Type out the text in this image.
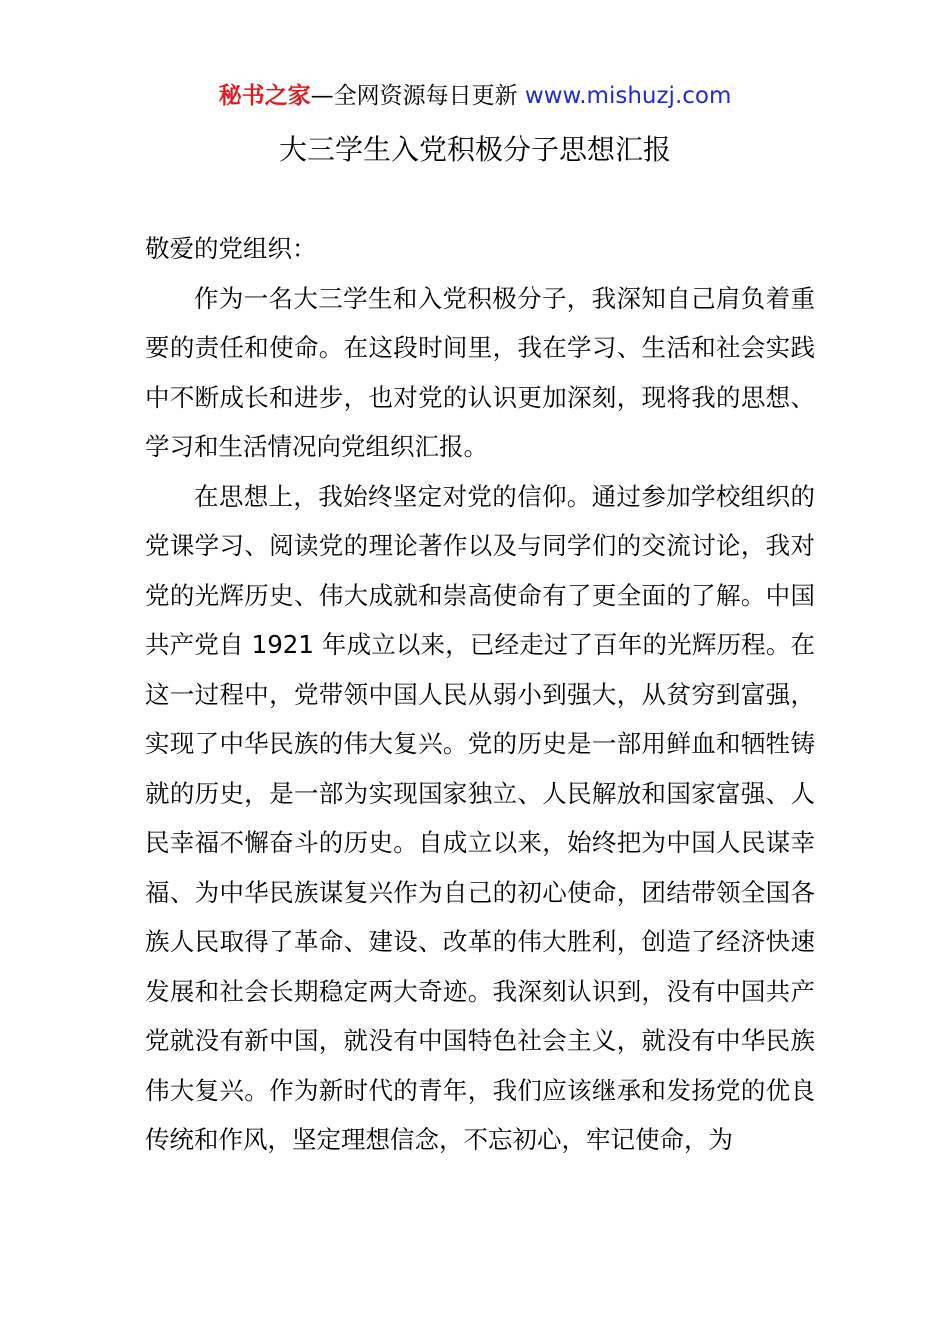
秘书之家—全网资源每日更新 www.mishuzj.com
大三学生入党积极分子思想汇报

敬爱的党组织：

作为一名大三学生和入党积极分子，我深知自己肩负着重要的责任和使命。在这段时间里，我在学习、生活和社会实践中不断成长和进步，也对党的认识更加深刻，现将我的思想、学习和生活情况向党组织汇报。

在思想上，我始终坚定对党的信仰。通过参加学校组织的党课学习、阅读党的理论著作以及与同学们的交流讨论，我对党的光辉历史、伟大成就和崇高使命有了更全面的了解。中国共产党自 1921 年成立以来，已经走过了百年的光辉历程。在这一过程中，党带领中国人民从弱小到强大，从贫穷到富强，实现了中华民族的伟大复兴。党的历史是一部用鲜血和牺牲铸就的历史，是一部为实现国家独立、人民解放和国家富强、人民幸福不懈奋斗的历史。自成立以来，始终把为中国人民谋幸福、为中华民族谋复兴作为自己的初心使命，团结带领全国各族人民取得了革命、建设、改革的伟大胜利，创造了经济快速发展和社会长期稳定两大奇迹。我深刻认识到，没有中国共产党就没有新中国，就没有中国特色社会主义，就没有中华民族伟大复兴。作为新时代的青年，我们应该继承和发扬党的优良传统和作风，坚定理想信念，不忘初心，牢记使命，为
